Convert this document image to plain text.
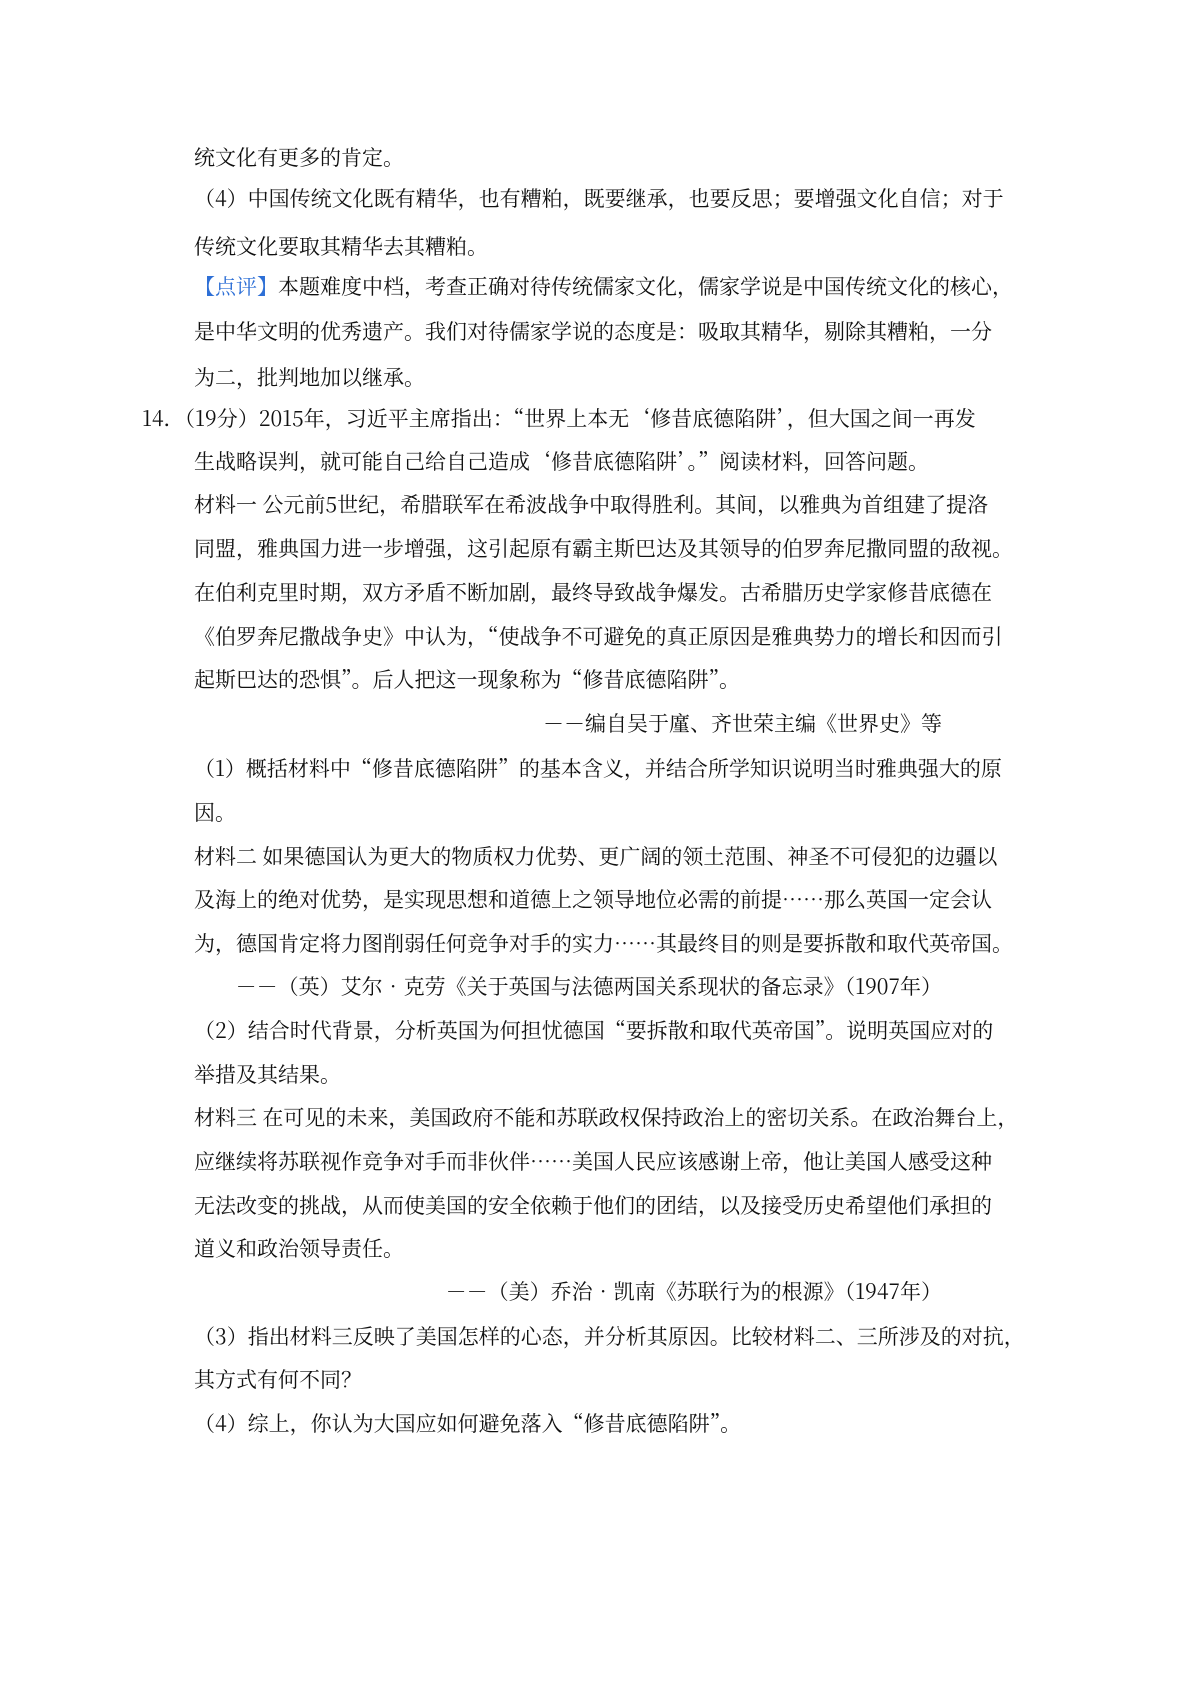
统文化有更多的肯定。
（4）中国传统文化既有精华，也有糟粕，既要继承，也要反思；要增强文化自信；对于
传统文化要取其精华去其糟粕。
【点评】本题难度中档，考查正确对待传统儒家文化，儒家学说是中国传统文化的核心，
是中华文明的优秀遗产。我们对待儒家学说的态度是：吸取其精华，剔除其糟粕，一分
为二，批判地加以继承。
14．（19分）2015年，习近平主席指出：“世界上本无‘修昔底德陷阱’，但大国之间一再发
生战略误判，就可能自己给自己造成‘修昔底德陷阱’。”阅读材料，回答问题。
材料一 公元前5世纪，希腊联军在希波战争中取得胜利。其间，以雅典为首组建了提洛
同盟，雅典国力进一步增强，这引起原有霸主斯巴达及其领导的伯罗奔尼撒同盟的敌视。
在伯利克里时期，双方矛盾不断加剧，最终导致战争爆发。古希腊历史学家修昔底德在
《伯罗奔尼撒战争史》中认为，“使战争不可避免的真正原因是雅典势力的增长和因而引
起斯巴达的恐惧”。后人把这一现象称为“修昔底德陷阱”。
－－编自吴于廑、齐世荣主编《世界史》等
（1）概括材料中“修昔底德陷阱”的基本含义，并结合所学知识说明当时雅典强大的原
因。
材料二 如果德国认为更大的物质权力优势、更广阔的领土范围、神圣不可侵犯的边疆以
及海上的绝对优势，是实现思想和道德上之领导地位必需的前提……那么英国一定会认
为，德国肯定将力图削弱任何竞争对手的实力……其最终目的则是要拆散和取代英帝国。
－－（英）艾尔•克劳《关于英国与法德两国关系现状的备忘录》（1907年）
（2）结合时代背景，分析英国为何担忧德国“要拆散和取代英帝国”。说明英国应对的
举措及其结果。
材料三 在可见的未来，美国政府不能和苏联政权保持政治上的密切关系。在政治舞台上，
应继续将苏联视作竞争对手而非伙伴……美国人民应该感谢上帝，他让美国人感受这种
无法改变的挑战，从而使美国的安全依赖于他们的团结，以及接受历史希望他们承担的
道义和政治领导责任。
－－（美）乔治•凯南《苏联行为的根源》（1947年）
（3）指出材料三反映了美国怎样的心态，并分析其原因。比较材料二、三所涉及的对抗，
其方式有何不同？
（4）综上，你认为大国应如何避免落入“修昔底德陷阱”。
